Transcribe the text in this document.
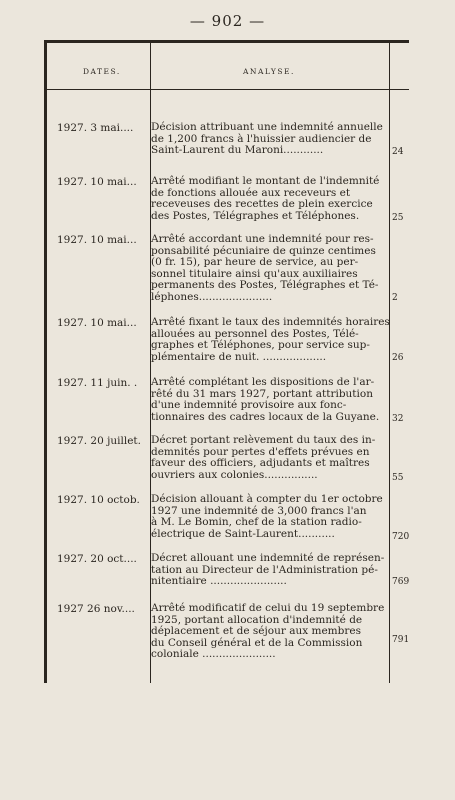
— 902 —
DATES.	ANALYSE.
1927. 3 mai....	Décision attribuant une indemnité annuelle
de 1,200 francs à l'huissier audiencier de
Saint-Laurent du Maroni............	24
1927. 10 mai...	Arrêté modifiant le montant de l'indemnité
de fonctions allouée aux receveurs et
receveuses des recettes de plein exercice
des Postes, Télégraphes et Téléphones.	25
1927. 10 mai...	Arrêté accordant une indemnité pour res-
ponsabilité pécuniaire de quinze centimes
(0 fr. 15), par heure de service, au per-
sonnel titulaire ainsi qu'aux auxiliaires
permanents des Postes, Télégraphes et Té-
léphones......................	2
1927. 10 mai...	Arrêté fixant le taux des indemnités horaires
allouées au personnel des Postes, Télé-
graphes et Téléphones, pour service sup-
plémentaire de nuit. ...................	26
1927. 11 juin. .	Arrêté complétant les dispositions de l'ar-
rêté du 31 mars 1927, portant attribution
d'une indemnité provisoire aux fonc-
tionnaires des cadres locaux de la Guyane.	32
1927. 20 juillet. Décret portant relèvement du taux des in-
demnités pour pertes d'effets prévues en
faveur des officiers, adjudants et maîtres
ouvriers aux colonies................	55
1927. 10 octob.	Décision allouant à compter du 1er octobre
1927 une indemnité de 3,000 francs l'an
à M. Le Bomin, chef de la station radio-
électrique de Saint-Laurent...........	720
1927. 20 oct....	Décret allouant une indemnité de représen-
tation au Directeur de l'Administration pé-
nitentiaire .......................	769
1927 26 nov....	Arrêté modificatif de celui du 19 septembre
1925, portant allocation d'indemnité de
déplacement et de séjour aux membres
du Conseil général et de la Commission
coloniale ......................
791
